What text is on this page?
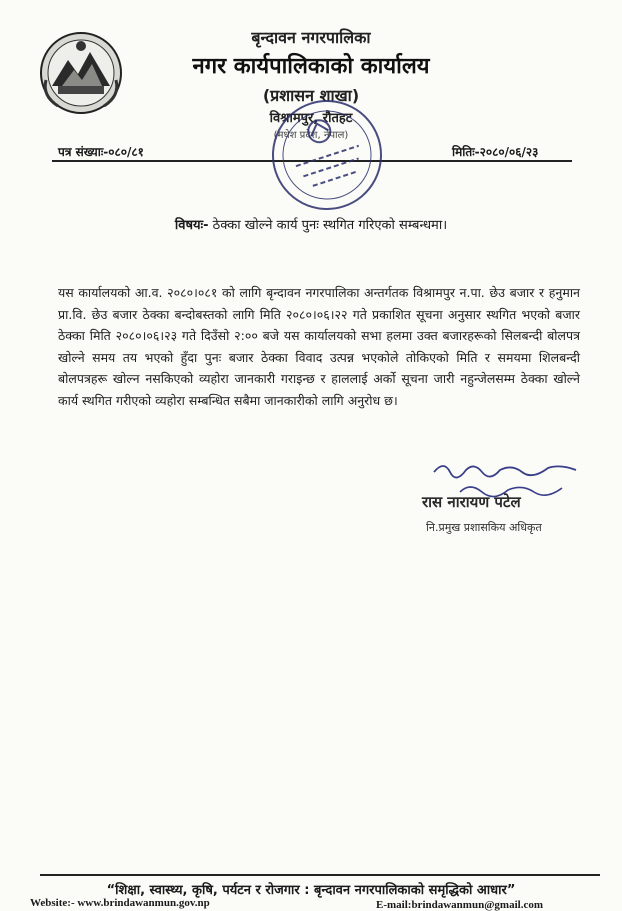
बृन्दावन नगरपालिका
नगर कार्यपालिकाको कार्यालय
(प्रशासन शाखा)
विश्रामपुर, रौतहट
(मधेश प्रदेश, नेपाल)
पत्र संख्याः-०८०/८१	मितिः-२०८०/०६/२३
विषयः- ठेक्का खोल्ने कार्य पुनः स्थगित गरिएको सम्बन्धमा।
यस कार्यालयको आ.व. २०८०।०८१ को लागि बृन्दावन नगरपालिका अन्तर्गतक विश्रामपुर न.पा. छेउ बजार र हनुमान प्रा.वि. छेउ बजार ठेक्का बन्दोबस्तको लागि मिति २०८०।०६।२२ गते प्रकाशित सूचना अनुसार स्थगित भएको बजार ठेक्का मिति २०८०।०६।२३ गते दिउँसो २:०० बजे यस कार्यालयको सभा हलमा उक्त बजारहरूको सिलबन्दी बोलपत्र खोल्ने समय तय भएको हुँदा पुनः बजार ठेक्का विवाद उत्पन्न भएकोले तोकिएको मिति र समयमा शिलबन्दी बोलपत्रहरू खोल्न नसकिएको व्यहोरा जानकारी गराइन्छ र हाललाई अर्को सूचना जारी नहुन्जेलसम्म ठेक्का खोल्ने कार्य स्थगित गरीएको व्यहोरा सम्बन्धित सबैमा जानकारीको लागि अनुरोध छ।
रास नारायण पटेल
नि.प्रमुख प्रशासकिय अधिकृत
“शिक्षा, स्वास्थ्य, कृषि, पर्यटन र रोजगार : बृन्दावन नगरपालिकाको समृद्धिको आधार”
Website:- www.brindawanmun.gov.np	E-mail:brindawanmun@gmail.com
